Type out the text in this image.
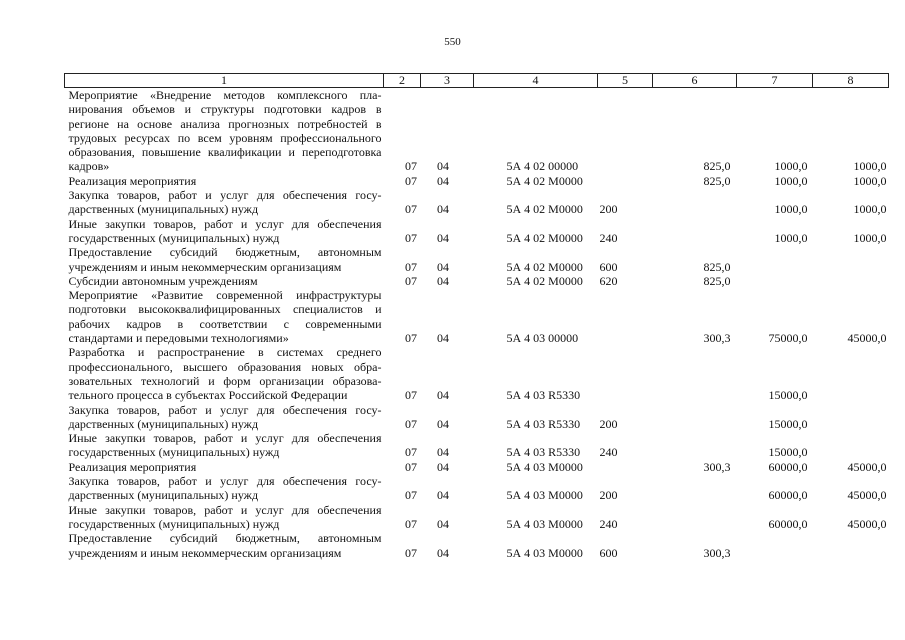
550
1	2	3	4	5	6	7	8
Мероприятие «Внедрение методов комплексного планирования объемов и структуры подготовки кадров в регионе на основе анализа прогнозных потребностей в трудовых ресурсах по всем уровням профессионального образования, повышение квалификации и переподготовка кадров»	07	04	5А 4 02 00000		825,0	1000,0	1000,0
Реализация мероприятия	07	04	5А 4 02 М0000		825,0	1000,0	1000,0
Закупка товаров, работ и услуг для обеспечения государственных (муниципальных) нужд	07	04	5А 4 02 М0000	200		1000,0	1000,0
Иные закупки товаров, работ и услуг для обеспечения государственных (муниципальных) нужд	07	04	5А 4 02 М0000	240		1000,0	1000,0
Предоставление субсидий бюджетным, автономным учреждениям и иным некоммерческим организациям	07	04	5А 4 02 М0000	600	825,0		
Субсидии автономным учреждениям	07	04	5А 4 02 М0000	620	825,0		
Мероприятие «Развитие современной инфраструктуры подготовки высококвалифицированных специалистов и рабочих кадров в соответствии с современными стандартами и передовыми технологиями»	07	04	5А 4 03 00000		300,3	75000,0	45000,0
Разработка и распространение в системах среднего профессионального, высшего образования новых образовательных технологий и форм организации образовательного процесса в субъектах Российской Федерации	07	04	5А 4 03 R5330			15000,0	
Закупка товаров, работ и услуг для обеспечения государственных (муниципальных) нужд	07	04	5А 4 03 R5330	200		15000,0	
Иные закупки товаров, работ и услуг для обеспечения государственных (муниципальных) нужд	07	04	5А 4 03 R5330	240		15000,0	
Реализация мероприятия	07	04	5А 4 03 М0000		300,3	60000,0	45000,0
Закупка товаров, работ и услуг для обеспечения государственных (муниципальных) нужд	07	04	5А 4 03 М0000	200		60000,0	45000,0
Иные закупки товаров, работ и услуг для обеспечения государственных (муниципальных) нужд	07	04	5А 4 03 М0000	240		60000,0	45000,0
Предоставление субсидий бюджетным, автономным учреждениям и иным некоммерческим организациям	07	04	5А 4 03 М0000	600	300,3		
